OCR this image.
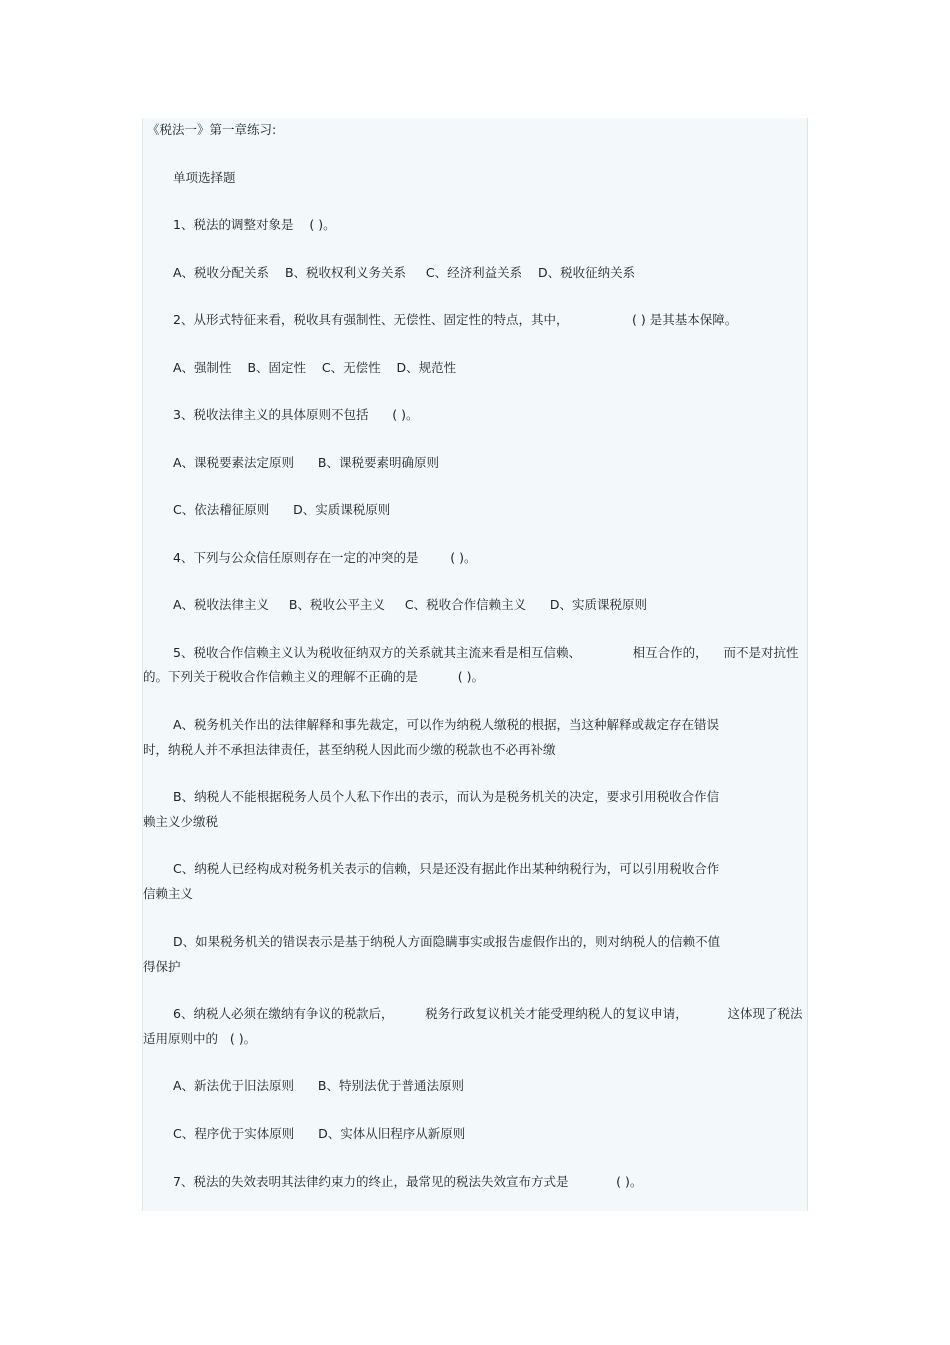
《税法一》第一章练习:
单项选择题
1、税法的调整对象是    ( )。
A、税收分配关系    B、税收权利义务关系     C、经济利益关系    D、税收征纳关系
2、从形式特征来看，税收具有强制性、无偿性、固定性的特点，其中，                ( ) 是其基本保障。
A、强制性    B、固定性    C、无偿性    D、规范性
3、税收法律主义的具体原则不包括      ( )。
A、课税要素法定原则      B、课税要素明确原则
C、依法稽征原则      D、实质课税原则
4、下列与公众信任原则存在一定的冲突的是        ( )。
A、税收法律主义     B、税收公平主义     C、税收合作信赖主义      D、实质课税原则
5、税收合作信赖主义认为税收征纳双方的关系就其主流来看是相互信赖、             相互合作的，    而不是对抗性
的。下列关于税收合作信赖主义的理解不正确的是          ( )。
A、税务机关作出的法律解释和事先裁定，可以作为纳税人缴税的根据，当这种解释或裁定存在错误
时，纳税人并不承担法律责任，甚至纳税人因此而少缴的税款也不必再补缴
B、纳税人不能根据税务人员个人私下作出的表示，而认为是税务机关的决定，要求引用税收合作信
赖主义少缴税
C、纳税人已经构成对税务机关表示的信赖，只是还没有据此作出某种纳税行为，可以引用税收合作
信赖主义
D、如果税务机关的错误表示是基于纳税人方面隐瞒事实或报告虚假作出的，则对纳税人的信赖不值
得保护
6、纳税人必须在缴纳有争议的税款后，        税务行政复议机关才能受理纳税人的复议申请，          这体现了税法
适用原则中的   ( )。
A、新法优于旧法原则      B、特别法优于普通法原则
C、程序优于实体原则      D、实体从旧程序从新原则
7、税法的失效表明其法律约束力的终止，最常见的税法失效宣布方式是            ( )。
